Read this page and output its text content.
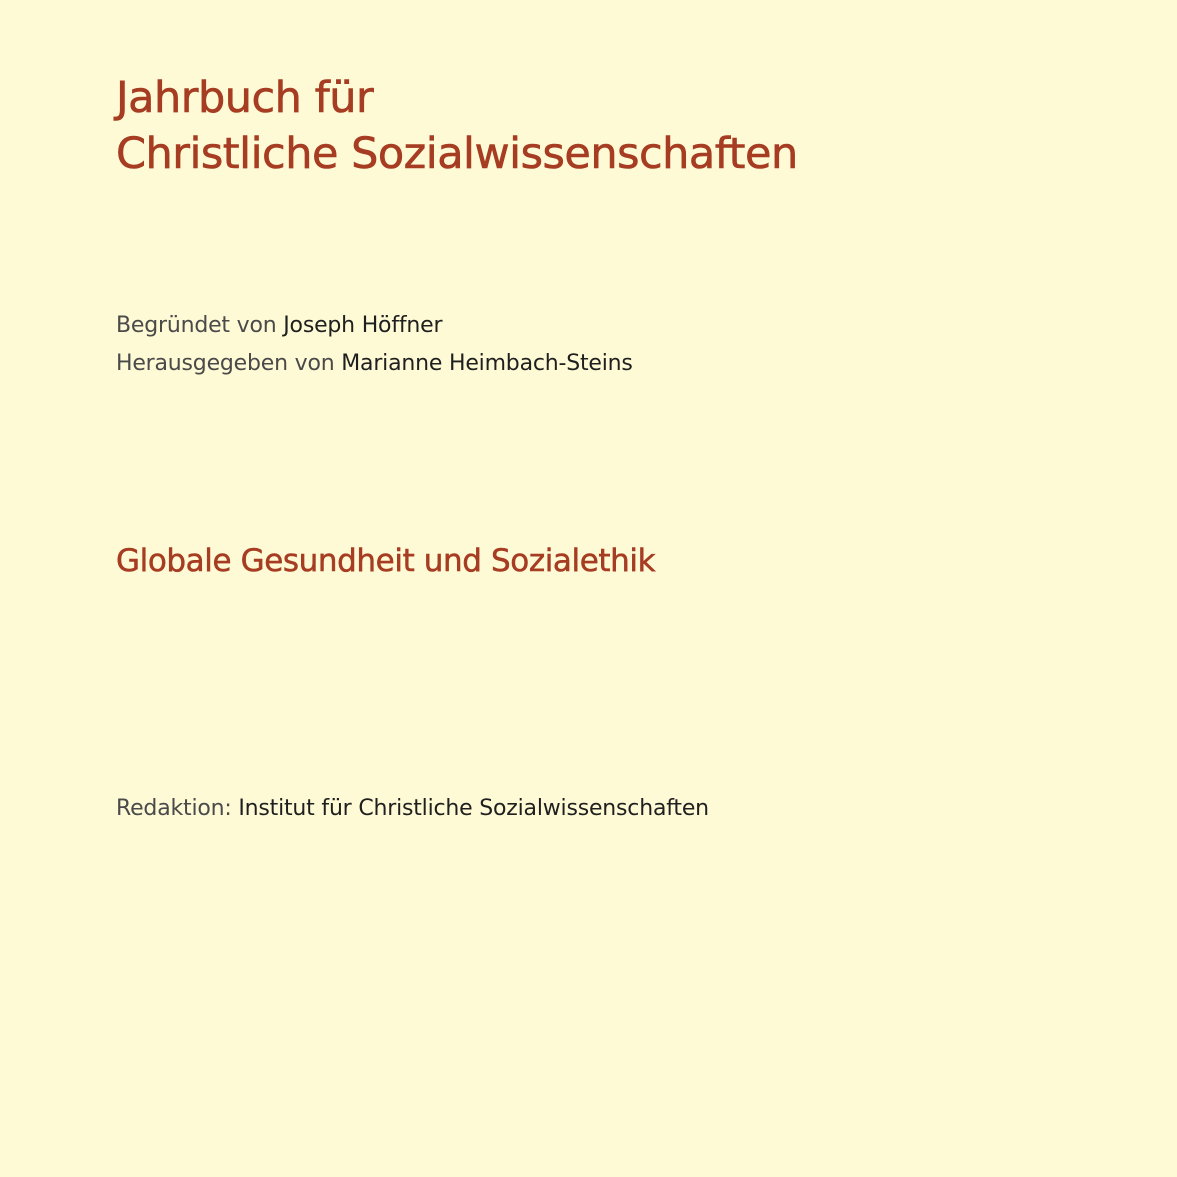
Jahrbuch für
Christliche Sozialwissenschaften
Begründet von Joseph Höffner
Herausgegeben von Marianne Heimbach-Steins
Globale Gesundheit und Sozialethik
Redaktion: Institut für Christliche Sozialwissenschaften
